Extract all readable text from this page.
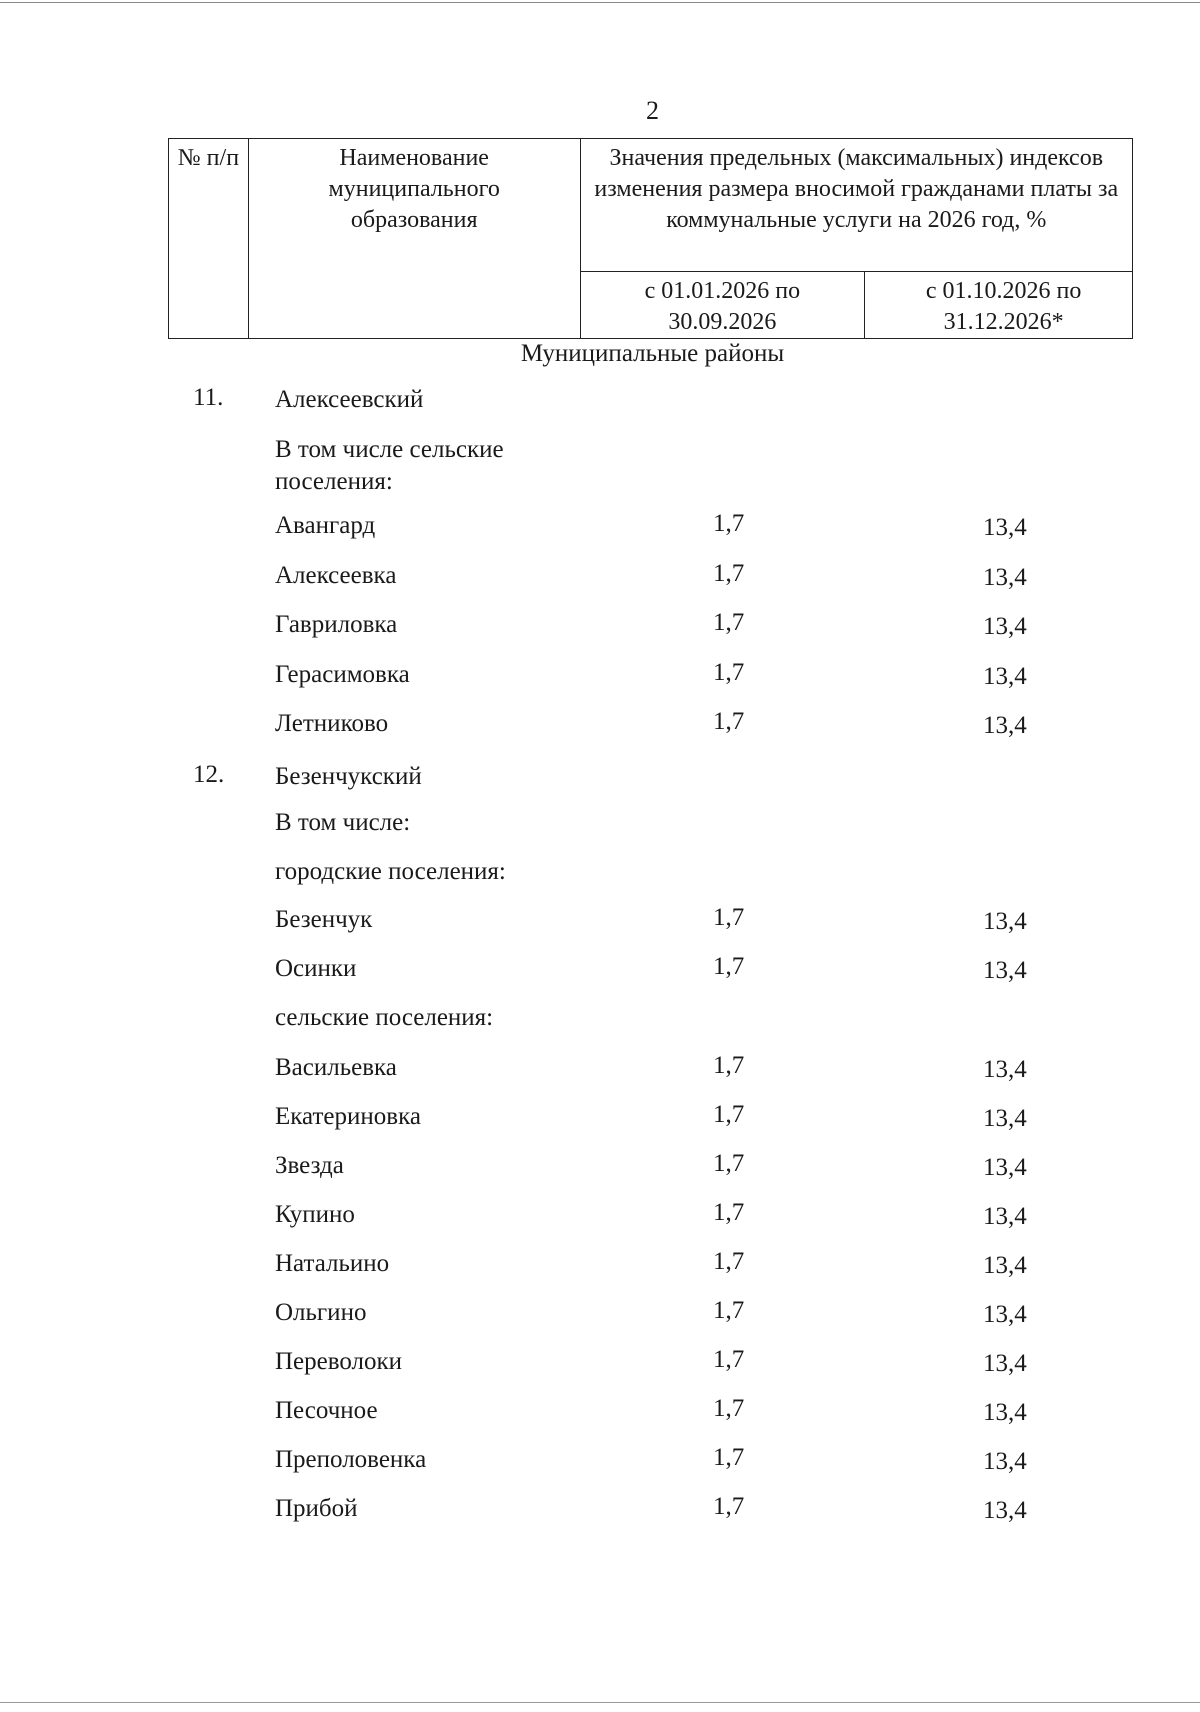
2
№ п/п	Наименование муниципального образования	Значения предельных (максимальных) индексов изменения размера вносимой гражданами платы за коммунальные услуги на 2026 год, %	
		с 01.01.2026 по 30.09.2026	с 01.10.2026 по 31.12.2026*
Муниципальные районы
11. Алексеевский
В том числе сельские поселения:
Авангард	1,7	13,4
Алексеевка	1,7	13,4
Гавриловка	1,7	13,4
Герасимовка	1,7	13,4
Летниково	1,7	13,4
12. Безенчукский
В том числе:
городские поселения:
Безенчук	1,7	13,4
Осинки	1,7	13,4
сельские поселения:
Васильевка	1,7	13,4
Екатериновка	1,7	13,4
Звезда	1,7	13,4
Купино	1,7	13,4
Натальино	1,7	13,4
Ольгино	1,7	13,4
Переволоки	1,7	13,4
Песочное	1,7	13,4
Преполовенка	1,7	13,4
Прибой	1,7	13,4
